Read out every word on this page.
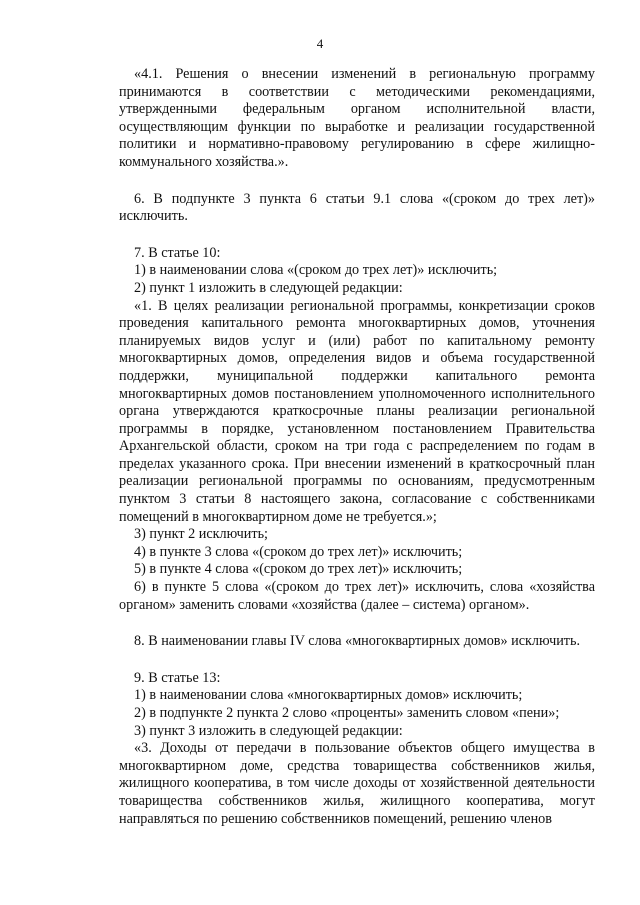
4

«4.1. Решения о внесении изменений в региональную программу принимаются в соответствии с методическими рекомендациями, утвержденными федеральным органом исполнительной власти, осуществляющим функции по выработке и реализации государственной политики и нормативно-правовому регулированию в сфере жилищно-коммунального хозяйства.».

6. В подпункте 3 пункта 6 статьи 9.1 слова «(сроком до трех лет)» исключить.

7. В статье 10:

1) в наименовании слова «(сроком до трех лет)» исключить;

2) пункт 1 изложить в следующей редакции:

«1. В целях реализации региональной программы, конкретизации сроков проведения капитального ремонта многоквартирных домов, уточнения планируемых видов услуг и (или) работ по капитальному ремонту многоквартирных домов, определения видов и объема государственной поддержки, муниципальной поддержки капитального ремонта многоквартирных домов постановлением уполномоченного исполнительного органа утверждаются краткосрочные планы реализации региональной программы в порядке, установленном постановлением Правительства Архангельской области, сроком на три года с распределением по годам в пределах указанного срока. При внесении изменений в краткосрочный план реализации региональной программы по основаниям, предусмотренным пунктом 3 статьи 8 настоящего закона, согласование с собственниками помещений в многоквартирном доме не требуется.»;

3) пункт 2 исключить;

4) в пункте 3 слова «(сроком до трех лет)» исключить;

5) в пункте 4 слова «(сроком до трех лет)» исключить;

6) в пункте 5 слова «(сроком до трех лет)» исключить, слова «хозяйства органом» заменить словами «хозяйства (далее – система) органом».

8. В наименовании главы IV слова «многоквартирных домов» исключить.

9. В статье 13:

1) в наименовании слова «многоквартирных домов» исключить;

2) в подпункте 2 пункта 2 слово «проценты» заменить словом «пени»;

3) пункт 3 изложить в следующей редакции:

«3. Доходы от передачи в пользование объектов общего имущества в многоквартирном доме, средства товарищества собственников жилья, жилищного кооператива, в том числе доходы от хозяйственной деятельности товарищества собственников жилья, жилищного кооператива, могут направляться по решению собственников помещений, решению членов
